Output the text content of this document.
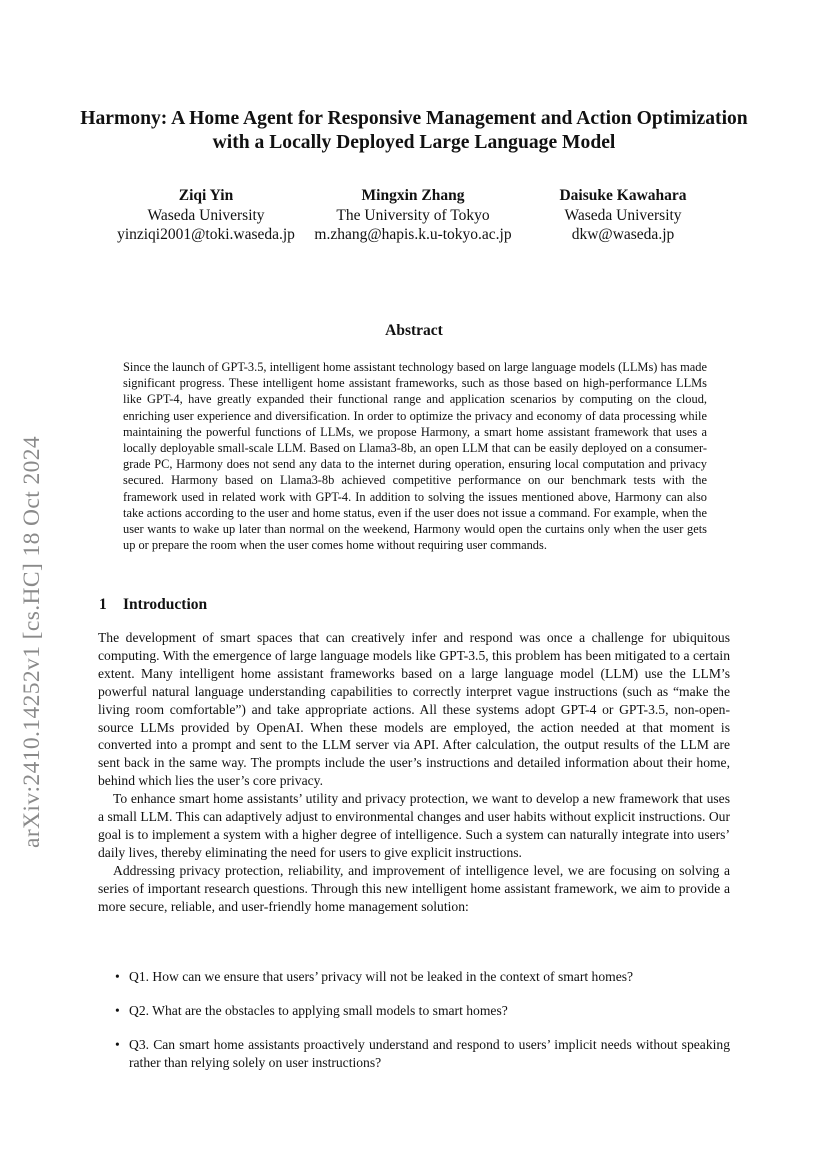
arXiv:2410.14252v1 [cs.HC] 18 Oct 2024
Harmony: A Home Agent for Responsive Management and Action Optimization with a Locally Deployed Large Language Model
Ziqi Yin
Waseda University
yinziqi2001@toki.waseda.jp
Mingxin Zhang
The University of Tokyo
m.zhang@hapis.k.u-tokyo.ac.jp
Daisuke Kawahara
Waseda University
dkw@waseda.jp
Abstract
Since the launch of GPT-3.5, intelligent home assistant technology based on large language models (LLMs) has made significant progress. These intelligent home assistant frameworks, such as those based on high-performance LLMs like GPT-4, have greatly expanded their functional range and application scenarios by computing on the cloud, enriching user experience and diversification. In order to optimize the privacy and economy of data processing while maintaining the powerful functions of LLMs, we propose Harmony, a smart home assistant framework that uses a locally deployable small-scale LLM. Based on Llama3-8b, an open LLM that can be easily deployed on a consumer-grade PC, Harmony does not send any data to the internet during operation, ensuring local computation and privacy secured. Harmony based on Llama3-8b achieved competitive performance on our benchmark tests with the framework used in related work with GPT-4. In addition to solving the issues mentioned above, Harmony can also take actions according to the user and home status, even if the user does not issue a command. For example, when the user wants to wake up later than normal on the weekend, Harmony would open the curtains only when the user gets up or prepare the room when the user comes home without requiring user commands.
1 Introduction

The development of smart spaces that can creatively infer and respond was once a challenge for ubiquitous computing. With the emergence of large language models like GPT-3.5, this problem has been mitigated to a certain extent. Many intelligent home assistant frameworks based on a large language model (LLM) use the LLM’s powerful natural language understanding capabilities to correctly interpret vague instructions (such as “make the living room comfortable”) and take appropriate actions. All these systems adopt GPT-4 or GPT-3.5, non-open-source LLMs provided by OpenAI. When these models are employed, the action needed at that moment is converted into a prompt and sent to the LLM server via API. After calculation, the output results of the LLM are sent back in the same way. The prompts include the user’s instructions and detailed information about their home, behind which lies the user’s core privacy.

To enhance smart home assistants’ utility and privacy protection, we want to develop a new framework that uses a small LLM. This can adaptively adjust to environmental changes and user habits without explicit instructions. Our goal is to implement a system with a higher degree of intelligence. Such a system can naturally integrate into users’ daily lives, thereby eliminating the need for users to give explicit instructions.

Addressing privacy protection, reliability, and improvement of intelligence level, we are focusing on solving a series of important research questions. Through this new intelligent home assistant framework, we aim to provide a more secure, reliable, and user-friendly home management solution:

• Q1. How can we ensure that users’ privacy will not be leaked in the context of smart homes?
• Q2. What are the obstacles to applying small models to smart homes?
• Q3. Can smart home assistants proactively understand and respond to users’ implicit needs without speaking rather than relying solely on user instructions?
